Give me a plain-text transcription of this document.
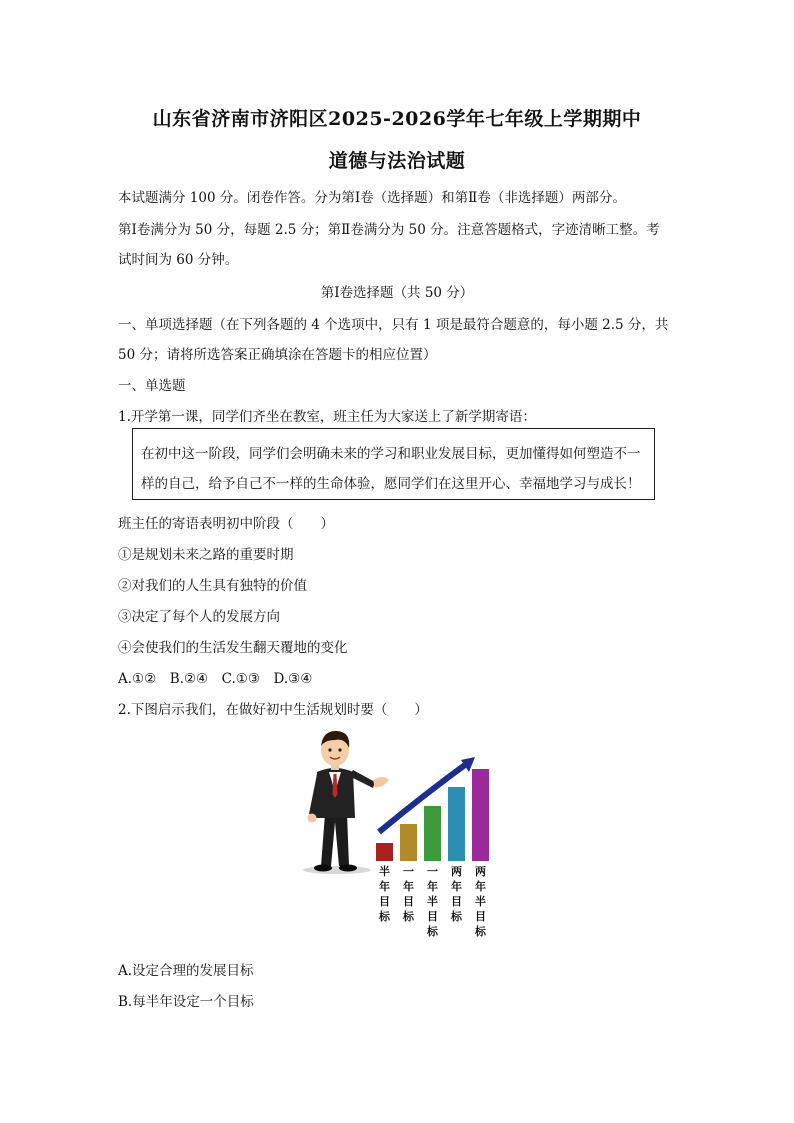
山东省济南市济阳区2025-2026学年七年级上学期期中
道德与法治试题
本试题满分 100 分。闭卷作答。分为第Ⅰ卷（选择题）和第Ⅱ卷（非选择题）两部分。
第Ⅰ卷满分为 50 分，每题 2.5 分；第Ⅱ卷满分为 50 分。注意答题格式，字迹清晰工整。考
试时间为 60 分钟。
第Ⅰ卷选择题（共 50 分）
一、单项选择题（在下列各题的 4 个选项中，只有 1 项是最符合题意的，每小题 2.5 分，共
50 分；请将所选答案正确填涂在答题卡的相应位置）
一、单选题
1.开学第一课，同学们齐坐在教室，班主任为大家送上了新学期寄语：
在初中这一阶段，同学们会明确未来的学习和职业发展目标，更加懂得如何塑造不一
样的自己，给予自己不一样的生命体验，愿同学们在这里开心、幸福地学习与成长！
班主任的寄语表明初中阶段（　　）
①是规划未来之路的重要时期
②对我们的人生具有独特的价值
③决定了每个人的发展方向
④会使我们的生活发生翻天覆地的变化
A.①②　B.②④　C.①③　D.③④
2.下图启示我们，在做好初中生活规划时要（　　）
半
年
目
标
一
年
目
标
一
年
半
目
标
两
年
目
标
两
年
半
目
标
A.设定合理的发展目标
B.每半年设定一个目标
